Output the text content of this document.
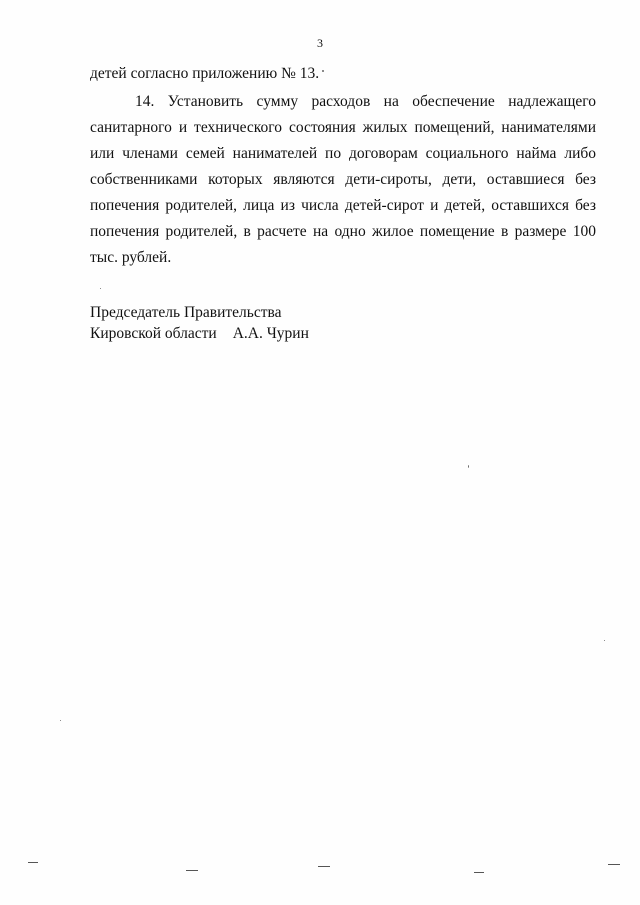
3
детей согласно приложению № 13.
14. Установить сумму расходов на обеспечение надлежащего санитарного и технического состояния жилых помещений, нанимателями или членами семей нанимателей по договорам социального найма либо собственниками которых являются дети-сироты, дети, оставшиеся без попечения родителей, лица из числа детей-сирот и детей, оставшихся без попечения родителей, в расчете на одно жилое помещение в размере 100 тыс. рублей.
Председатель Правительства
Кировской области А.А. Чурин
